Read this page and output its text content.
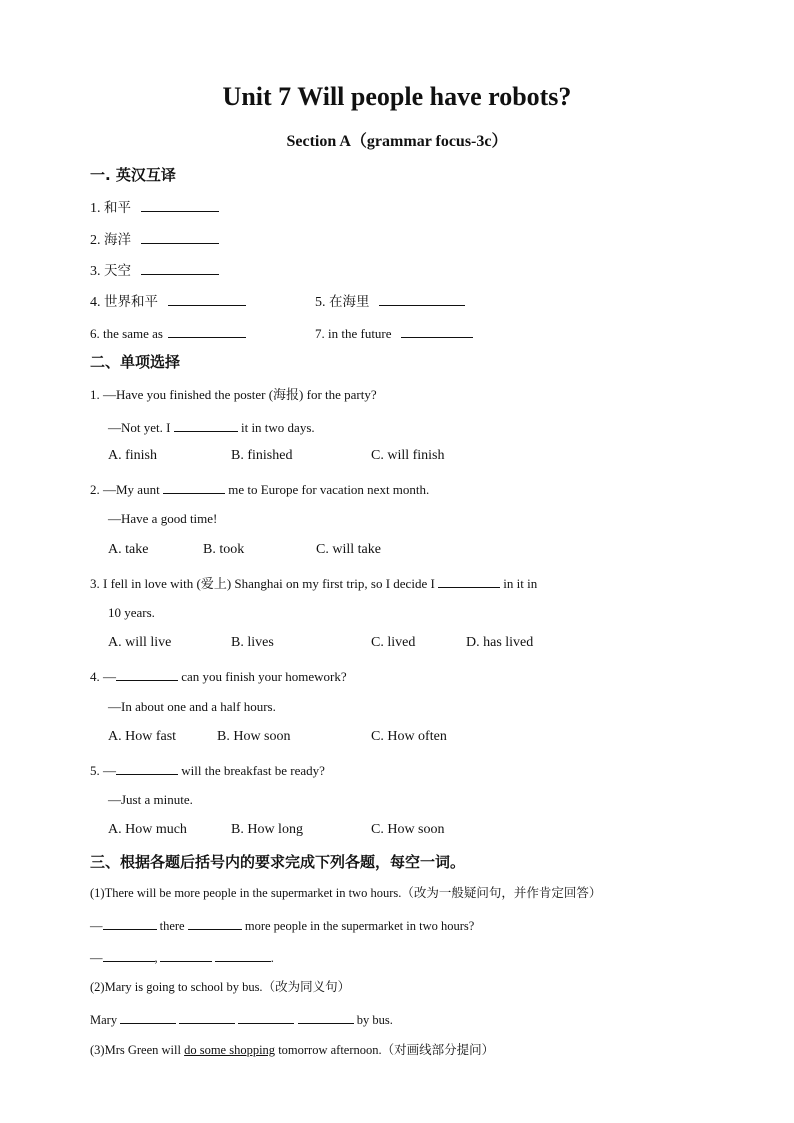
Unit 7 Will people have robots?
Section A（grammar focus-3c）
一. 英汉互译
1. 和平
2. 海洋
3. 天空
4. 世界和平	5. 在海里
6. the same as	7. in the future
二、单项选择
1. —Have you finished the poster (海报) for the party?
—Not yet. I	it in two days.
A. finish	B. finished	C. will finish
2. —My aunt	me to Europe for vacation next month.
—Have a good time!
A. take	B. took	C. will take
3. I fell in love with (爱上) Shanghai on my first trip, so I decide I	in it in
10 years.
A. will live	B. lives	C. lived	D. has lived
4. —	can you finish your homework?
—In about one and a half hours.
A. How fast	B. How soon	C. How often
5. —	will the breakfast be ready?
—Just a minute.
A. How much	B. How long	C. How soon
三、根据各题后括号内的要求完成下列各题，每空一词。
(1)There will be more people in the supermarket in two hours.（改为一般疑问句，并作肯定回答）
—	there	more people in the supermarket in two hours?
—	,	.
(2)Mary is going to school by bus.（改为同义句）
Mary	by bus.
(3)Mrs Green will do some shopping tomorrow afternoon.（对画线部分提问）
